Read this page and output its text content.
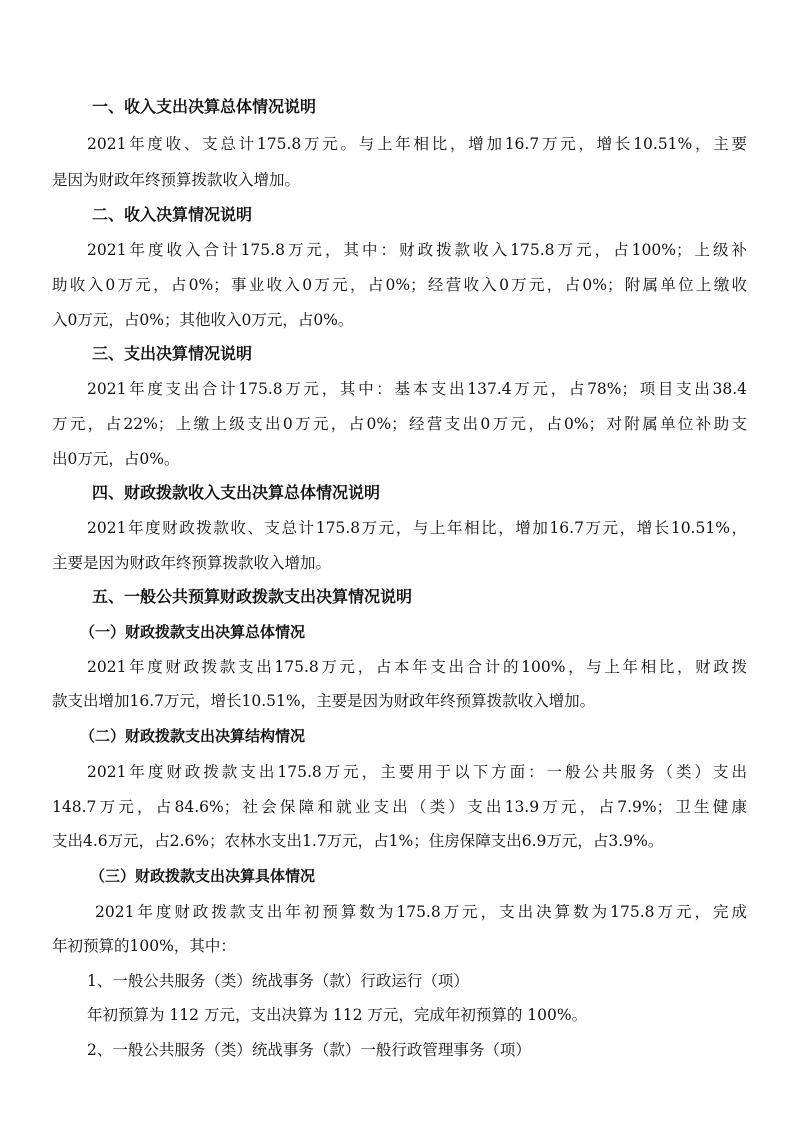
一、收入支出决算总体情况说明
2021年度收、支总计175.8万元。与上年相比，增加16.7万元，增长10.51%，主要
是因为财政年终预算拨款收入增加。
二、收入决算情况说明
2021年度收入合计175.8万元，其中：财政拨款收入175.8万元，占100%；上级补
助收入0万元，占0%；事业收入0万元，占0%；经营收入0万元，占0%；附属单位上缴收
入0万元，占0%；其他收入0万元，占0%。
三、支出决算情况说明
2021年度支出合计175.8万元，其中：基本支出137.4万元，占78%；项目支出38.4
万元，占22%；上缴上级支出0万元，占0%；经营支出0万元，占0%；对附属单位补助支
出0万元，占0%。
四、财政拨款收入支出决算总体情况说明
2021年度财政拨款收、支总计175.8万元，与上年相比，增加16.7万元，增长10.51%，
主要是因为财政年终预算拨款收入增加。
五、一般公共预算财政拨款支出决算情况说明
（一）财政拨款支出决算总体情况
2021年度财政拨款支出175.8万元，占本年支出合计的100%，与上年相比，财政拨
款支出增加16.7万元，增长10.51%，主要是因为财政年终预算拨款收入增加。
（二）财政拨款支出决算结构情况
2021年度财政拨款支出175.8万元，主要用于以下方面：一般公共服务（类）支出
148.7万元，占84.6%；社会保障和就业支出（类）支出13.9万元，占7.9%；卫生健康
支出4.6万元，占2.6%；农林水支出1.7万元，占1%；住房保障支出6.9万元，占3.9%。
（三）财政拨款支出决算具体情况
2021年度财政拨款支出年初预算数为175.8万元，支出决算数为175.8万元，完成
年初预算的100%，其中：
1、一般公共服务（类）统战事务（款）行政运行（项）
年初预算为 112 万元，支出决算为 112 万元，完成年初预算的 100%。
2、一般公共服务（类）统战事务（款）一般行政管理事务（项）
